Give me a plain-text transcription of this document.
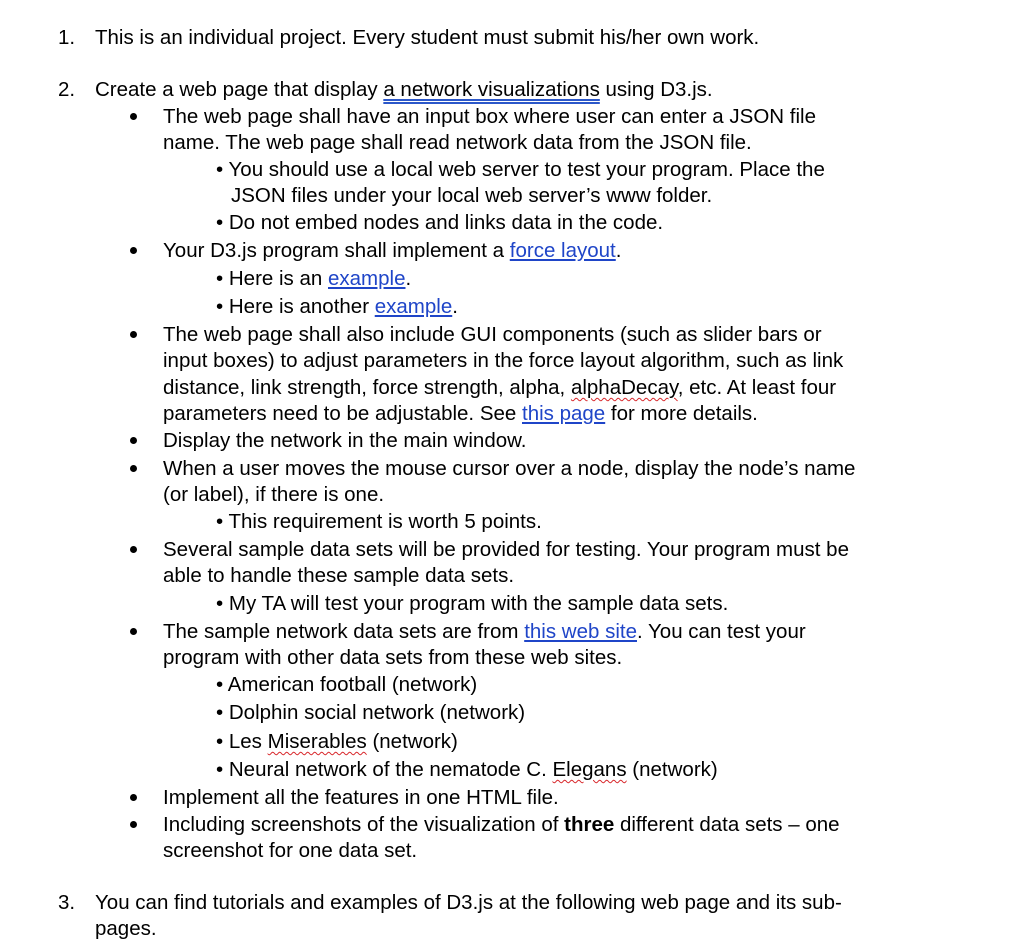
1. This is an individual project. Every student must submit his/her own work.
2. Create a web page that display a network visualizations using D3.js.
The web page shall have an input box where user can enter a JSON file
name. The web page shall read network data from the JSON file.
• You should use a local web server to test your program. Place the
JSON files under your local web server’s www folder.
• Do not embed nodes and links data in the code.
Your D3.js program shall implement a force layout.
• Here is an example.
• Here is another example.
The web page shall also include GUI components (such as slider bars or
input boxes) to adjust parameters in the force layout algorithm, such as link
distance, link strength, force strength, alpha, alphaDecay, etc. At least four
parameters need to be adjustable. See this page for more details.
Display the network in the main window.
When a user moves the mouse cursor over a node, display the node’s name
(or label), if there is one.
• This requirement is worth 5 points.
Several sample data sets will be provided for testing. Your program must be
able to handle these sample data sets.
• My TA will test your program with the sample data sets.
The sample network data sets are from this web site. You can test your
program with other data sets from these web sites.
• American football (network)
• Dolphin social network (network)
• Les Miserables (network)
• Neural network of the nematode C. Elegans (network)
Implement all the features in one HTML file.
Including screenshots of the visualization of three different data sets – one
screenshot for one data set.
3. You can find tutorials and examples of D3.js at the following web page and its sub-
pages.
